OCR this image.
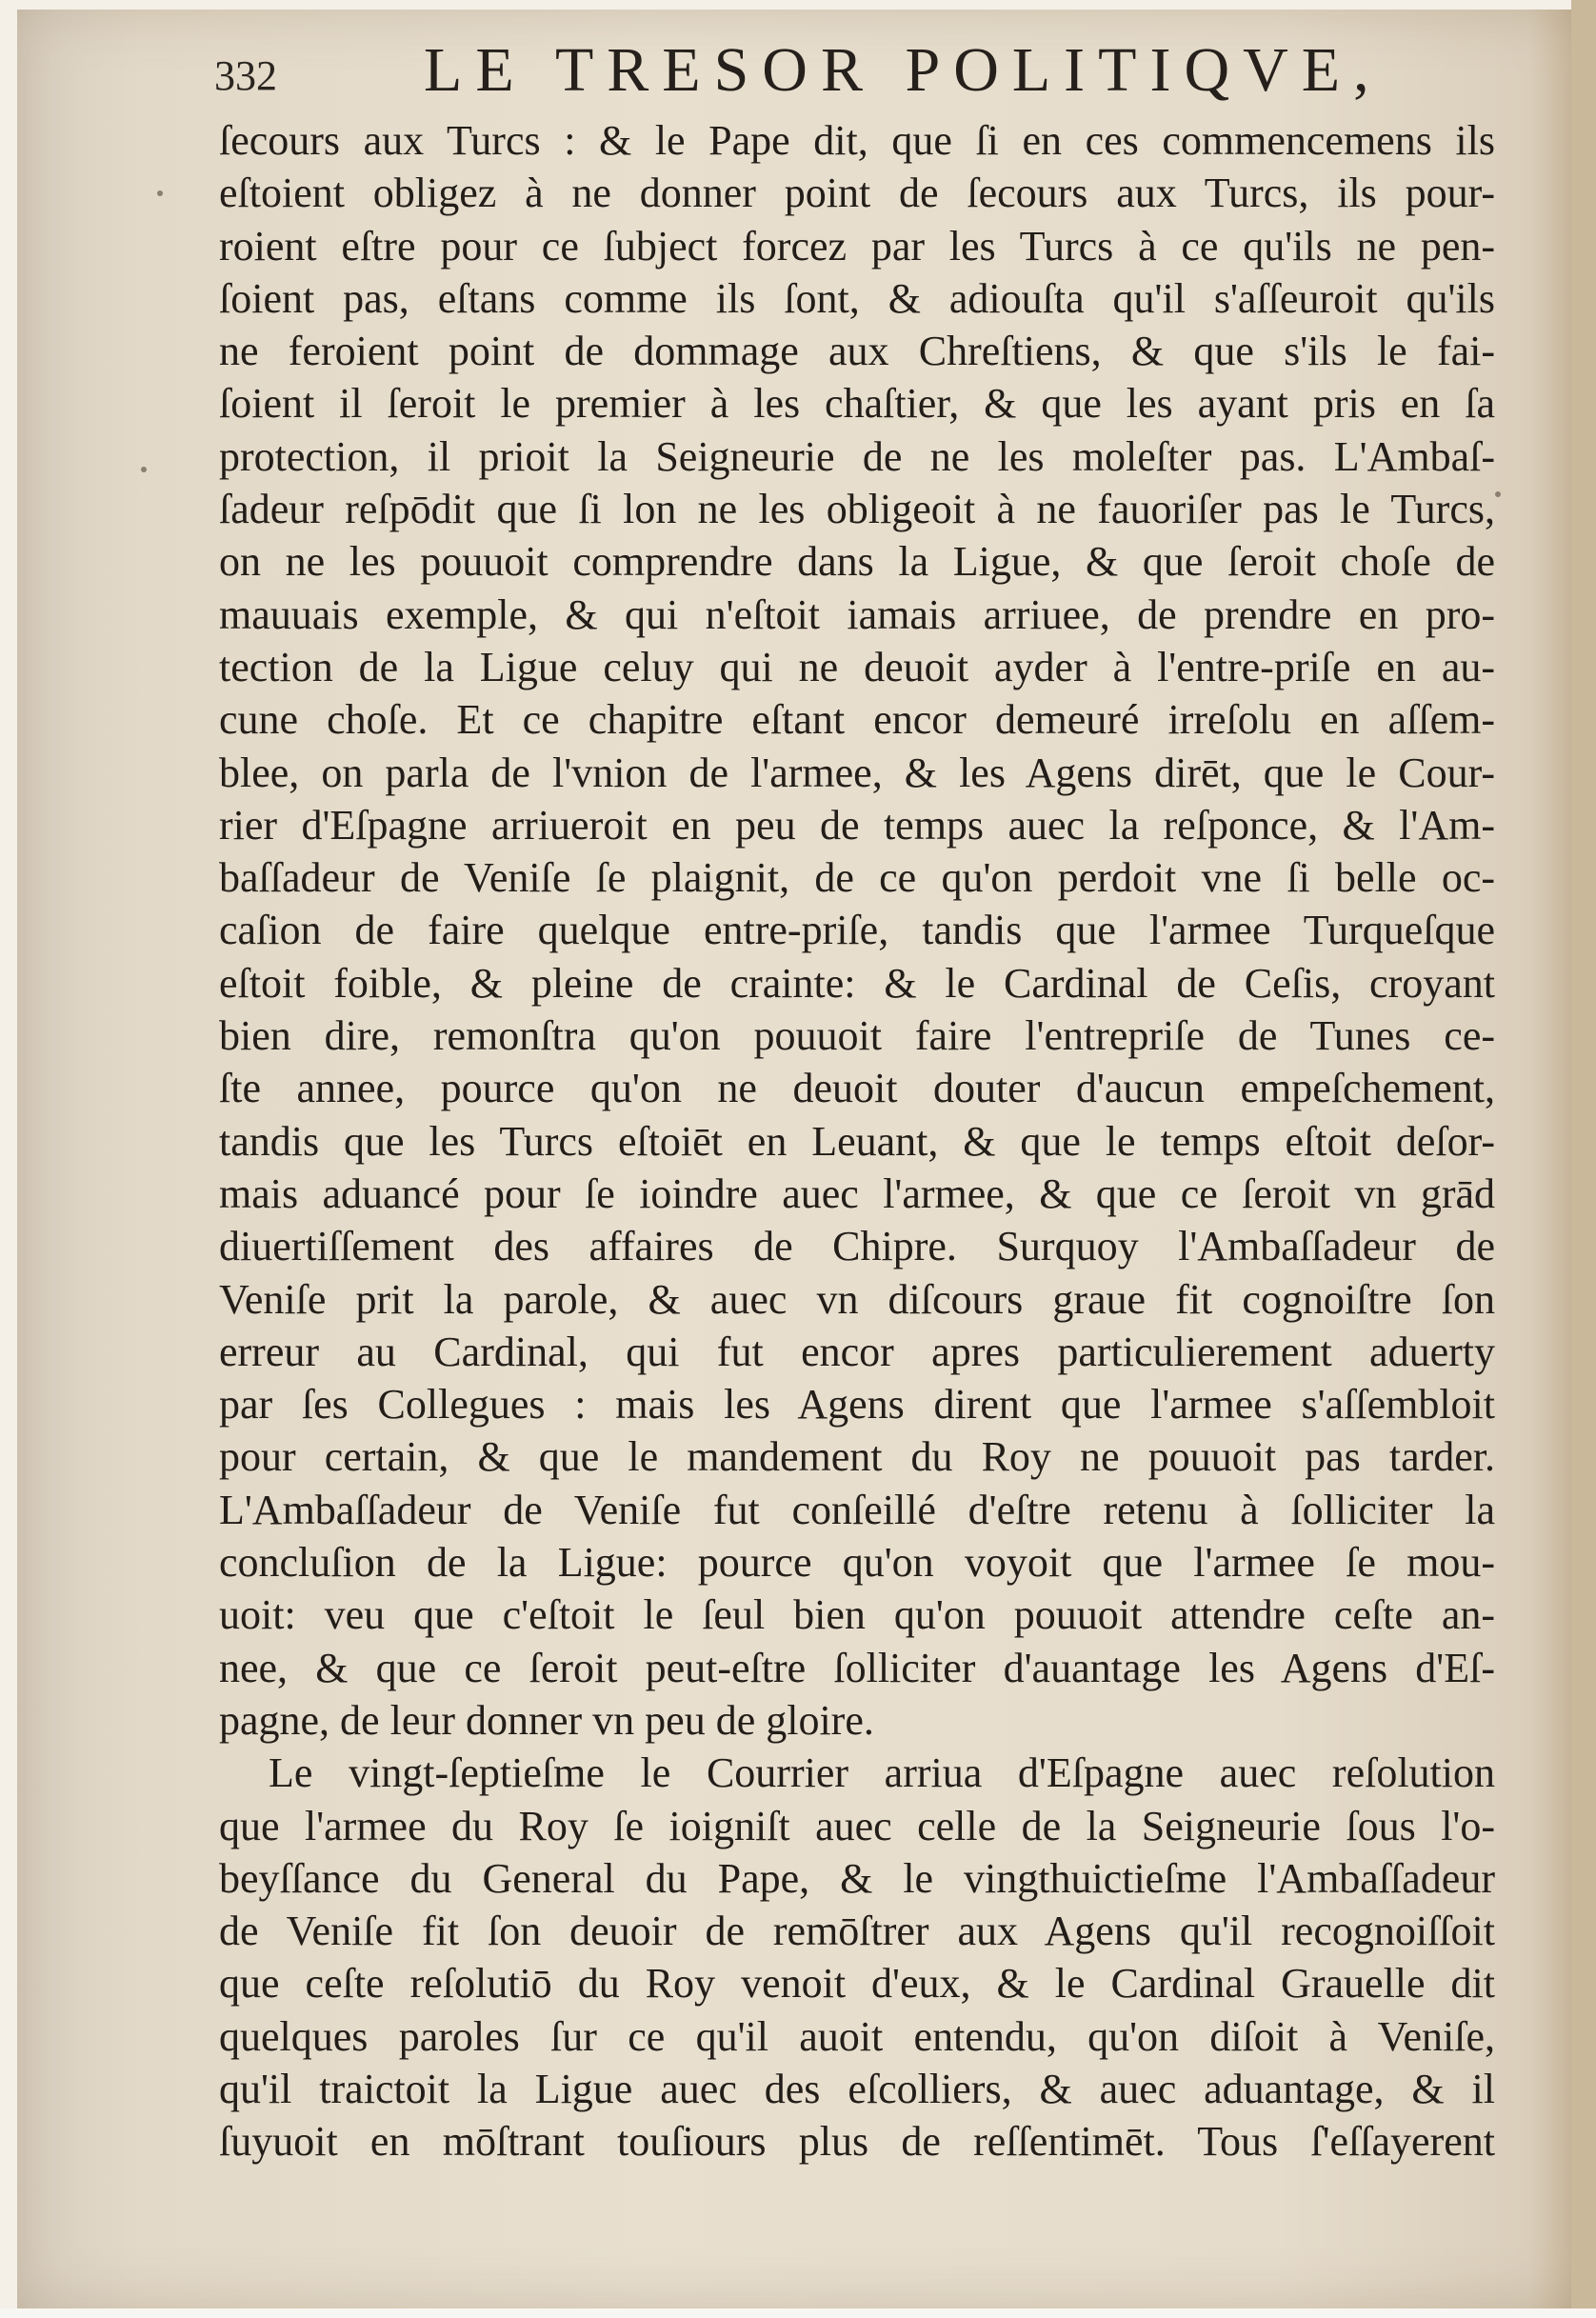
332 LE TRESOR POLITIQVE,
ſecours aux Turcs : & le Pape dit, que ſi en ces commencemens ils
eſtoient obligez à ne donner point de ſecours aux Turcs, ils pour-
roient eſtre pour ce ſubject forcez par les Turcs à ce qu'ils ne pen-
ſoient pas, eſtans comme ils ſont, & adiouſta qu'il s'aſſeuroit qu'ils
ne feroient point de dommage aux Chreſtiens, & que s'ils le fai-
ſoient il ſeroit le premier à les chaſtier, & que les ayant pris en ſa
protection, il prioit la Seigneurie de ne les moleſter pas. L'Ambaſ-
ſadeur reſpōdit que ſi lon ne les obligeoit à ne fauoriſer pas le Turcs,
on ne les pouuoit comprendre dans la Ligue, & que ſeroit choſe de
mauuais exemple, & qui n'eſtoit iamais arriuee, de prendre en pro-
tection de la Ligue celuy qui ne deuoit ayder à l'entre-priſe en au-
cune choſe. Et ce chapitre eſtant encor demeuré irreſolu en aſſem-
blee, on parla de l'vnion de l'armee, & les Agens dirēt, que le Cour-
rier d'Eſpagne arriueroit en peu de temps auec la reſponce, & l'Am-
baſſadeur de Veniſe ſe plaignit, de ce qu'on perdoit vne ſi belle oc-
caſion de faire quelque entre-priſe, tandis que l'armee Turqueſque
eſtoit foible, & pleine de crainte: & le Cardinal de Ceſis, croyant
bien dire, remonſtra qu'on pouuoit faire l'entrepriſe de Tunes ce-
ſte annee, pource qu'on ne deuoit douter d'aucun empeſchement,
tandis que les Turcs eſtoiēt en Leuant, & que le temps eſtoit deſor-
mais aduancé pour ſe ioindre auec l'armee, & que ce ſeroit vn grād
diuertiſſement des affaires de Chipre. Surquoy l'Ambaſſadeur de
Veniſe prit la parole, & auec vn diſcours graue fit cognoiſtre ſon
erreur au Cardinal, qui fut encor apres particulierement aduerty
par ſes Collegues : mais les Agens dirent que l'armee s'aſſembloit
pour certain, & que le mandement du Roy ne pouuoit pas tarder.
L'Ambaſſadeur de Veniſe fut conſeillé d'eſtre retenu à ſolliciter la
concluſion de la Ligue: pource qu'on voyoit que l'armee ſe mou-
uoit: veu que c'eſtoit le ſeul bien qu'on pouuoit attendre ceſte an-
nee, & que ce ſeroit peut-eſtre ſolliciter d'auantage les Agens d'Eſ-
pagne, de leur donner vn peu de gloire.
Le vingt-ſeptieſme le Courrier arriua d'Eſpagne auec reſolution
que l'armee du Roy ſe ioigniſt auec celle de la Seigneurie ſous l'o-
beyſſance du General du Pape, & le vingthuictieſme l'Ambaſſadeur
de Veniſe fit ſon deuoir de remōſtrer aux Agens qu'il recognoiſſoit
que ceſte reſolutiō du Roy venoit d'eux, & le Cardinal Grauelle dit
quelques paroles ſur ce qu'il auoit entendu, qu'on diſoit à Veniſe,
qu'il traictoit la Ligue auec des eſcolliers, & auec aduantage, & il
ſuyuoit en mōſtrant touſiours plus de reſſentimēt. Tous ſ'eſſayerent
